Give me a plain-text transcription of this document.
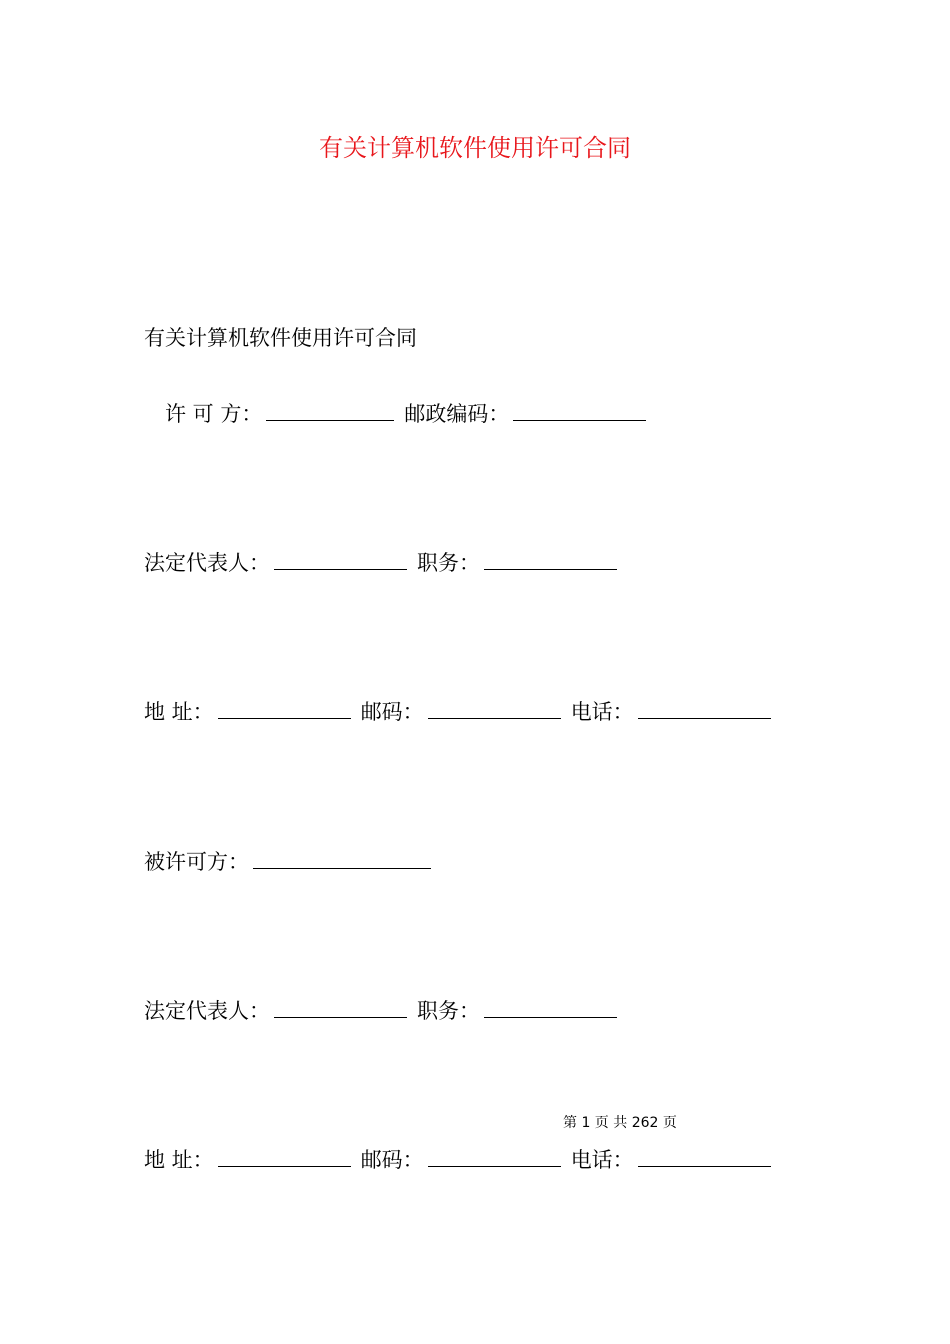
有关计算机软件使用许可合同

有关计算机软件使用许可合同

许 可 方：	邮政编码：

法定代表人：	职务：

地 址：	邮码：	电话：

被许可方：

法定代表人：	职务：

第 1 页 共 262 页

地 址：	邮码：	电话：
